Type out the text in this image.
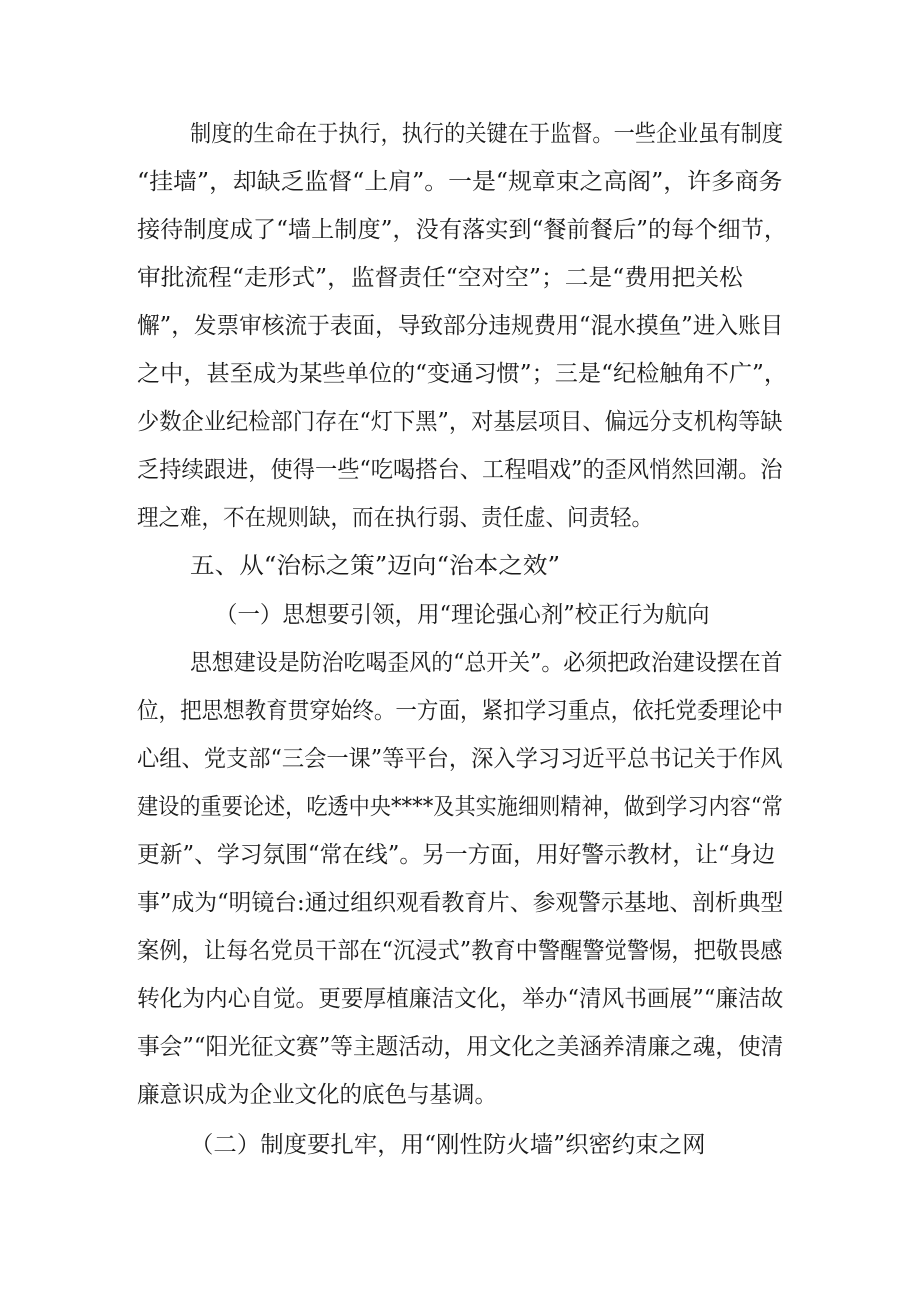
制度的生命在于执行，执行的关键在于监督。一些企业虽有制度
“挂墙”，却缺乏监督“上肩”。一是“规章束之高阁”，许多商务
接待制度成了“墙上制度”，没有落实到“餐前餐后”的每个细节，
审批流程“走形式”，监督责任“空对空”；二是“费用把关松
懈”，发票审核流于表面，导致部分违规费用“混水摸鱼”进入账目
之中，甚至成为某些单位的“变通习惯”；三是“纪检触角不广”，
少数企业纪检部门存在“灯下黑”，对基层项目、偏远分支机构等缺
乏持续跟进，使得一些“吃喝搭台、工程唱戏”的歪风悄然回潮。治
理之难，不在规则缺，而在执行弱、责任虚、问责轻。
五、从“治标之策”迈向“治本之效”
（一）思想要引领，用“理论强心剂”校正行为航向
思想建设是防治吃喝歪风的“总开关”。必须把政治建设摆在首
位，把思想教育贯穿始终。一方面，紧扣学习重点，依托党委理论中
心组、党支部“三会一课”等平台，深入学习习近平总书记关于作风
建设的重要论述，吃透中央****及其实施细则精神，做到学习内容“常
更新”、学习氛围“常在线”。另一方面，用好警示教材，让“身边
事”成为“明镜台:通过组织观看教育片、参观警示基地、剖析典型
案例，让每名党员干部在“沉浸式”教育中警醒警觉警惕，把敬畏感
转化为内心自觉。更要厚植廉洁文化，举办“清风书画展”“廉洁故
事会”“阳光征文赛”等主题活动，用文化之美涵养清廉之魂，使清
廉意识成为企业文化的底色与基调。
（二）制度要扎牢，用“刚性防火墙”织密约束之网
